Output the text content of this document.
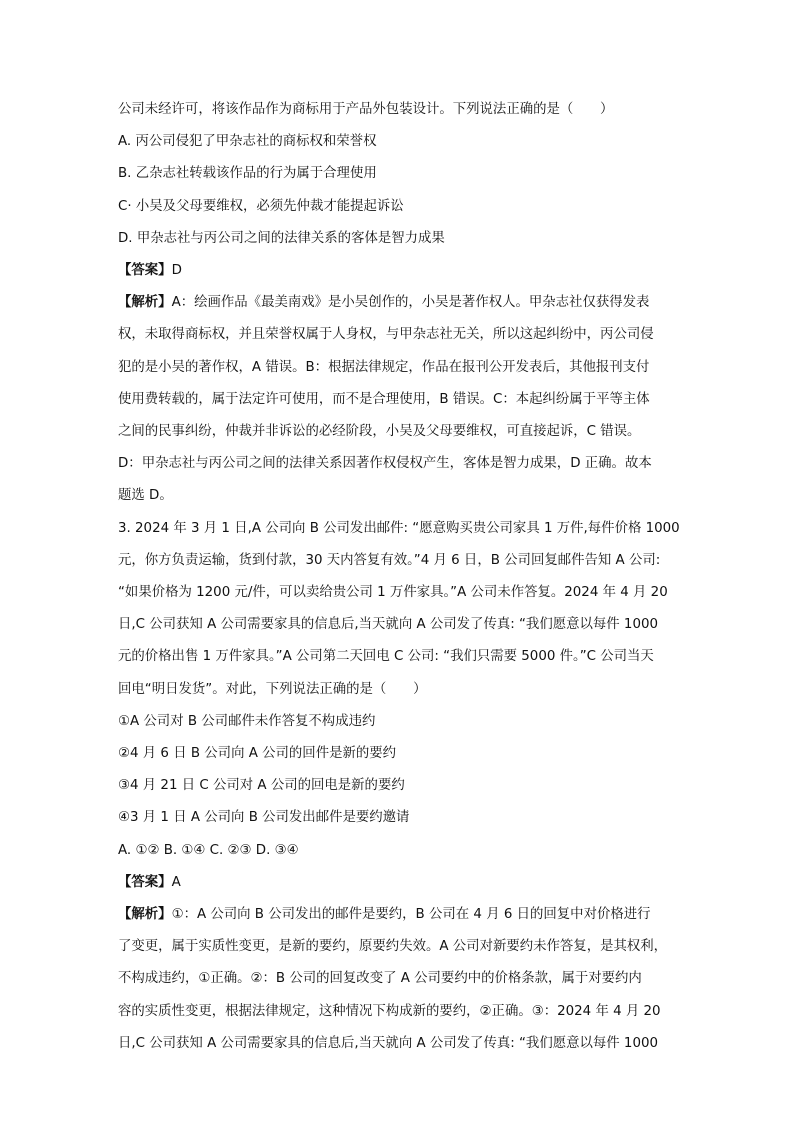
公司未经许可，将该作品作为商标用于产品外包装设计。下列说法正确的是（　　）

A. 丙公司侵犯了甲杂志社的商标权和荣誉权

B. 乙杂志社转载该作品的行为属于合理使用

C· 小吴及父母要维权，必须先仲裁才能提起诉讼

D. 甲杂志社与丙公司之间的法律关系的客体是智力成果

【答案】D

【解析】A：绘画作品《最美南戏》是小吴创作的，小吴是著作权人。甲杂志社仅获得发表

权，未取得商标权，并且荣誉权属于人身权，与甲杂志社无关，所以这起纠纷中，丙公司侵

犯的是小吴的著作权，A 错误。B：根据法律规定，作品在报刊公开发表后，其他报刊支付

使用费转载的，属于法定许可使用，而不是合理使用，B 错误。C：本起纠纷属于平等主体

之间的民事纠纷，仲裁并非诉讼的必经阶段，小吴及父母要维权，可直接起诉，C 错误。

D：甲杂志社与丙公司之间的法律关系因著作权侵权产生，客体是智力成果，D 正确。故本

题选 D。

3. 2024 年 3 月 1 日,A 公司向 B 公司发出邮件: “愿意购买贵公司家具 1 万件,每件价格 1000

元，你方负责运输，货到付款，30 天内答复有效。”4 月 6 日，B 公司回复邮件告知 A 公司:

“如果价格为 1200 元/件，可以卖给贵公司 1 万件家具。”A 公司未作答复。2024 年 4 月 20

日,C 公司获知 A 公司需要家具的信息后,当天就向 A 公司发了传真: “我们愿意以每件 1000

元的价格出售 1 万件家具。”A 公司第二天回电 C 公司: “我们只需要 5000 件。”C 公司当天

回电“明日发货”。对此，下列说法正确的是（　　）

①A 公司对 B 公司邮件未作答复不构成违约

②4 月 6 日 B 公司向 A 公司的回件是新的要约

③4 月 21 日 C 公司对 A 公司的回电是新的要约

④3 月 1 日 A 公司向 B 公司发出邮件是要约邀请

A. ①② B. ①④ C. ②③ D. ③④

【答案】A

【解析】①：A 公司向 B 公司发出的邮件是要约，B 公司在 4 月 6 日的回复中对价格进行

了变更，属于实质性变更，是新的要约，原要约失效。A 公司对新要约未作答复，是其权利，

不构成违约，①正确。②：B 公司的回复改变了 A 公司要约中的价格条款，属于对要约内

容的实质性变更，根据法律规定，这种情况下构成新的要约，②正确。③：2024 年 4 月 20

日,C 公司获知 A 公司需要家具的信息后,当天就向 A 公司发了传真: “我们愿意以每件 1000
